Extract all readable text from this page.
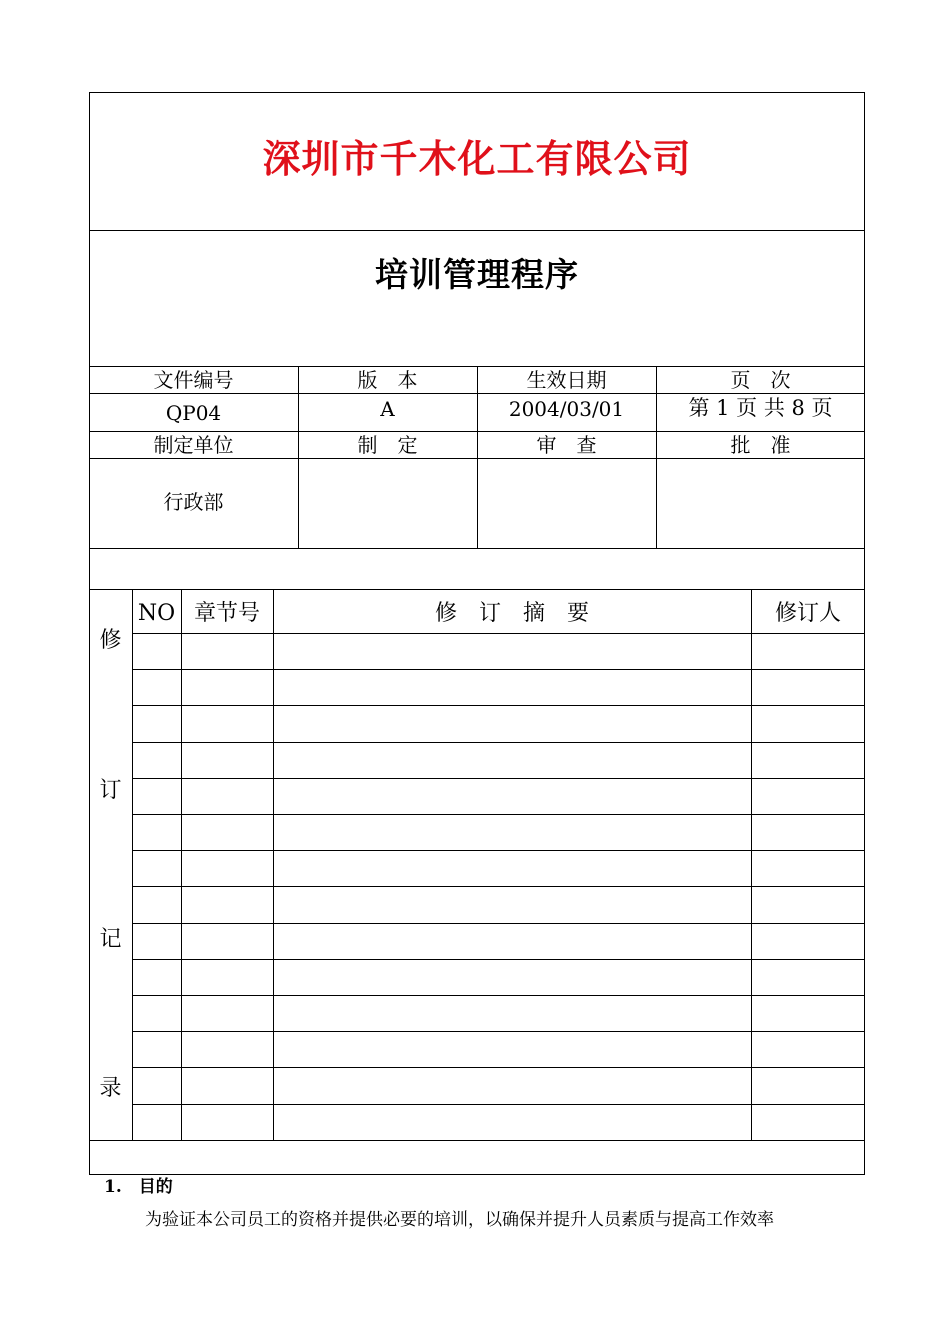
深圳市千木化工有限公司
培训管理程序
文件编号	版　本	生效日期	页　次
QP04	A	2004/03/01	第 1 页 共 8 页
制定单位	制　定	审　查	批　准
行政部
修
订
记
录
NO 章节号	修　订　摘　要	修订人
1.　目的
为验证本公司员工的资格并提供必要的培训，以确保并提升人员素质与提高工作效率
